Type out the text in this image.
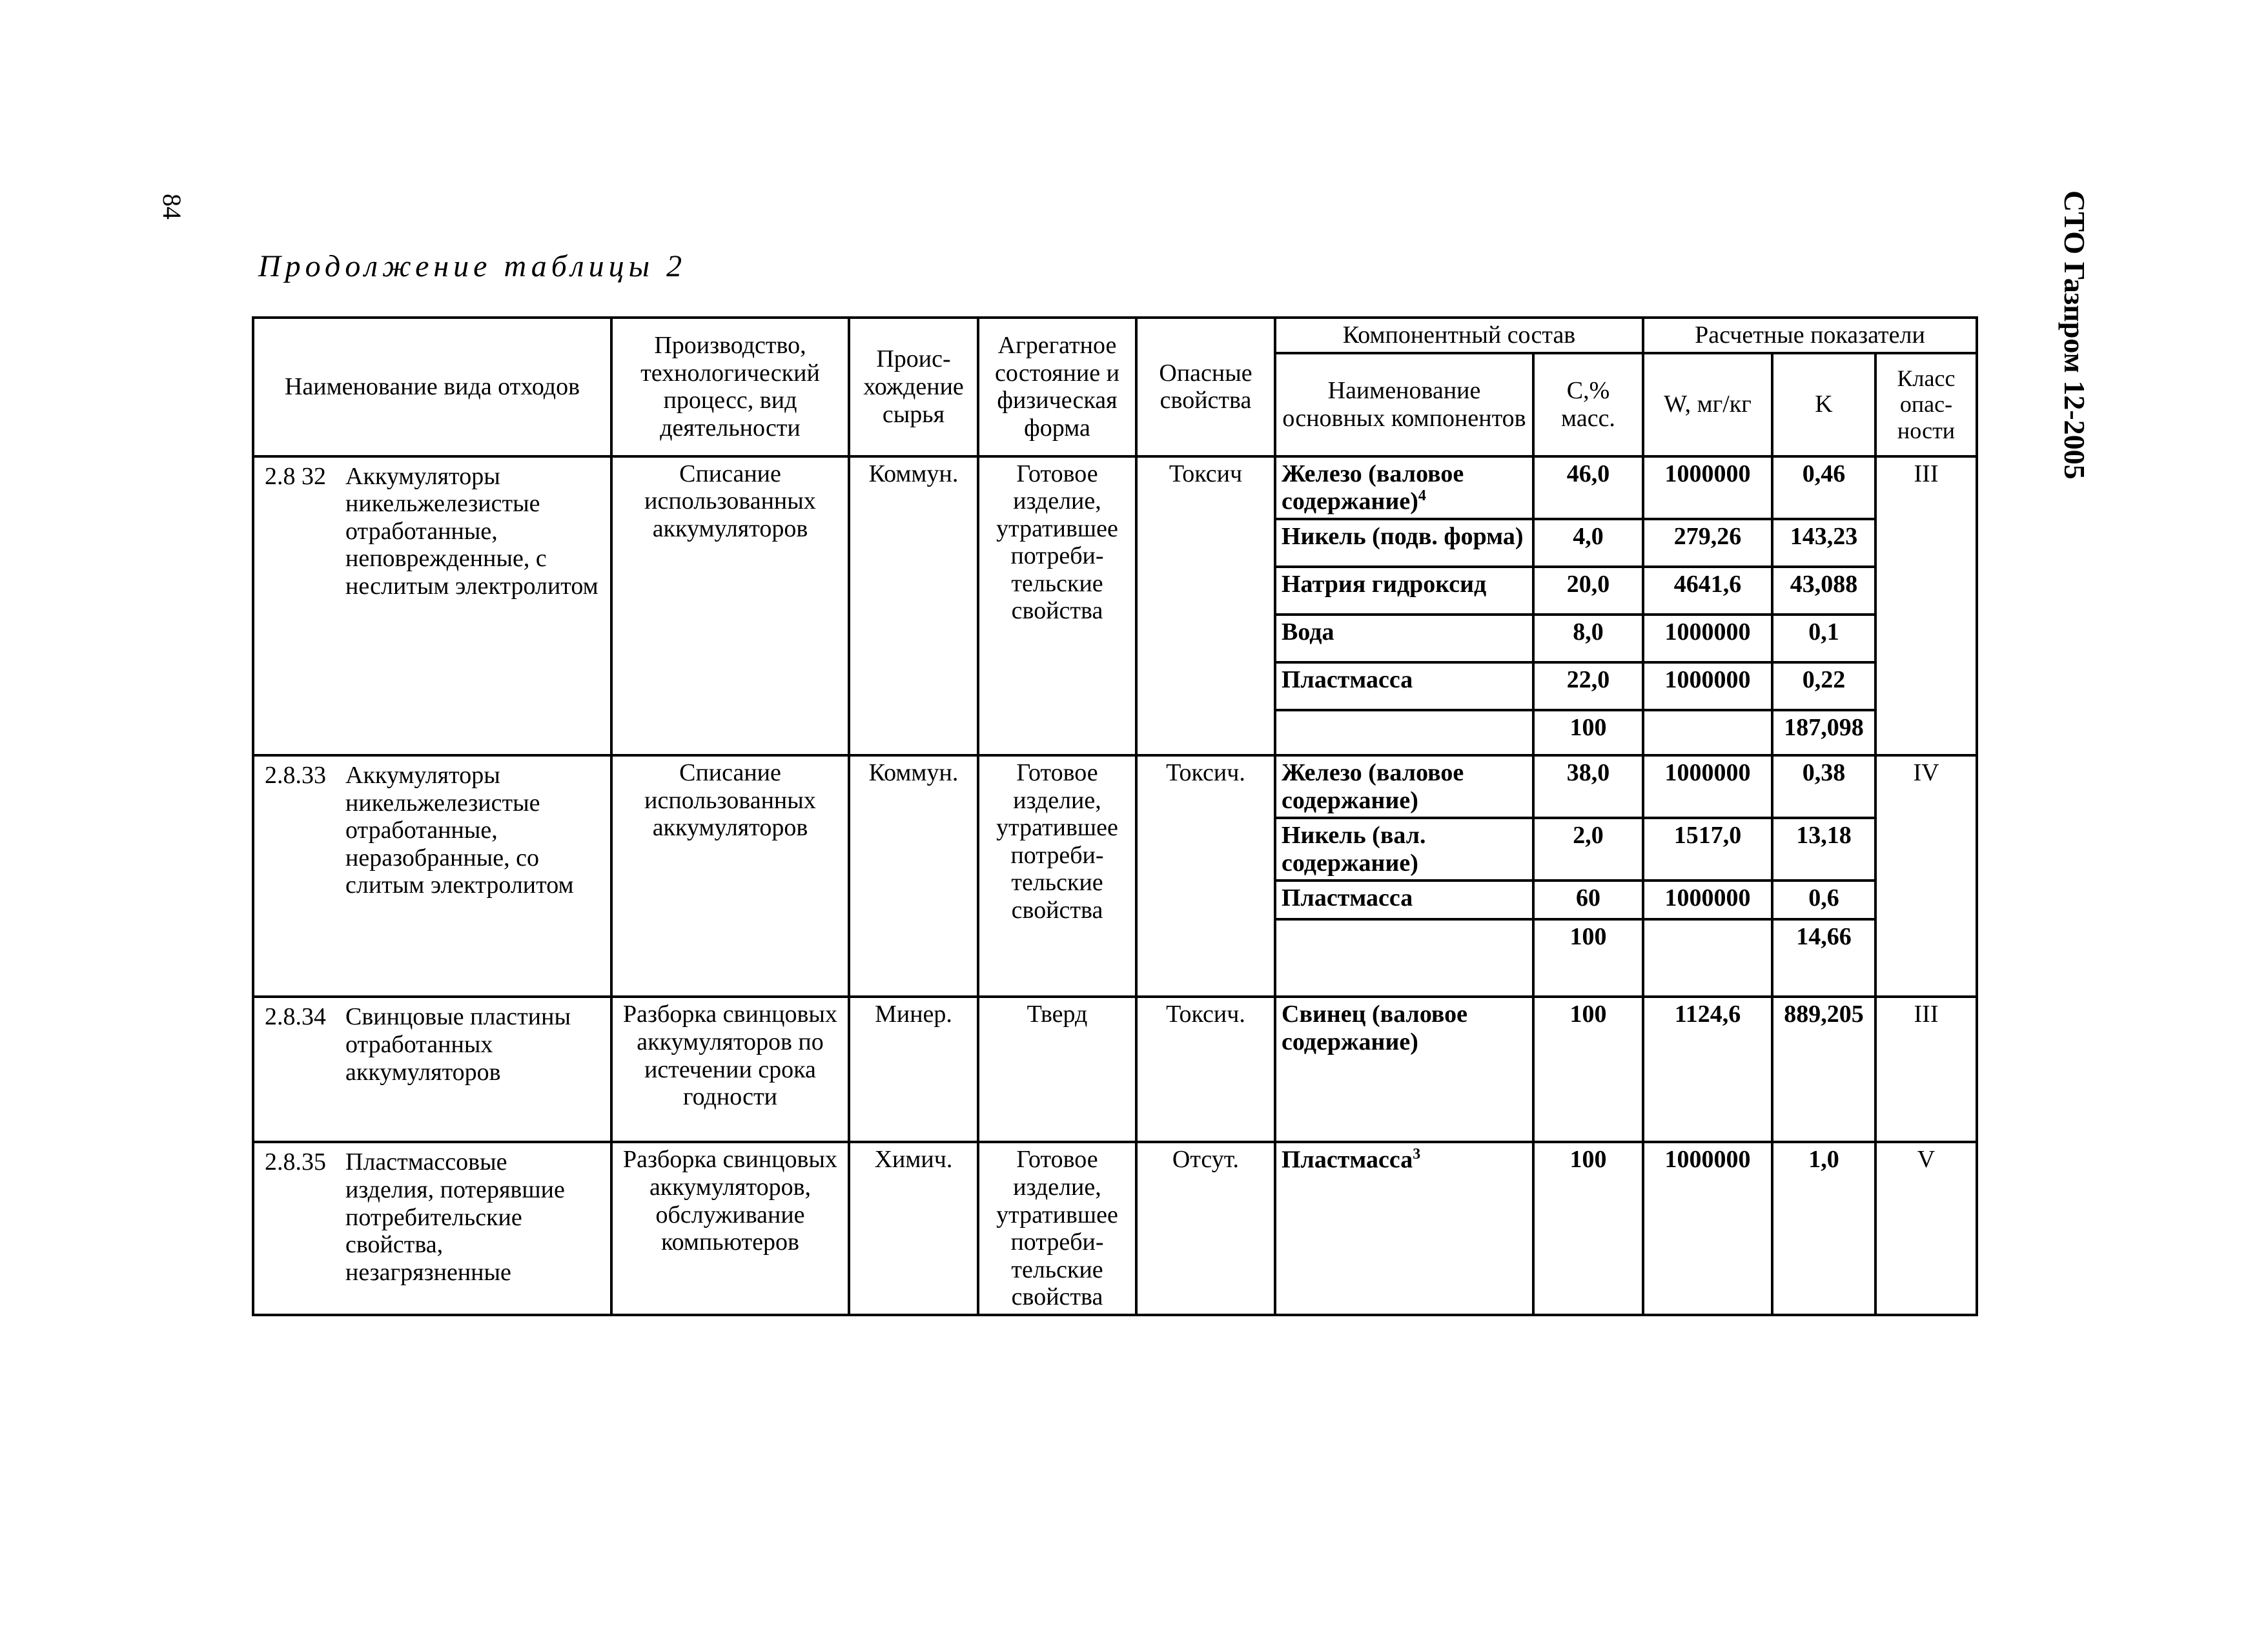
84	СТО Газпром 12-2005
Продолжение таблицы 2
Наименование вида отходов	Производство, технологический процесс, вид деятельности	Проис-хождение сырья	Агрегатное состояние и физическая форма	Опасные свойства	Компонентный состав		Расчетные показатели		
					Наименование основных компонентов	С,% масс.	W, мг/кг	K	Класс опас-ности

2.8 32 Аккумуляторы никельжелезистые отработанные, неповрежденные, с неслитым электролитом	Списание использованных аккумуляторов	Коммун.	Готовое изделие, утратившее потреби-тельские свойства	Токсич	Железо (валовое содержание)$^4$	46,0	1000000	0,46	III
					Никель (подв. форма)	4,0	279,26	143,23	
					Натрия гидроксид	20,0	4641,6	43,088	
					Вода	8,0	1000000	0,1	
					Пластмасса	22,0	1000000	0,22	
						100		187,098	

2.8.33 Аккумуляторы никельжелезистые отработанные, неразобранные, со слитым электролитом	Списание использованных аккумуляторов	Коммун.	Готовое изделие, утратившее потреби-тельские свойства	Токсич.	Железо (валовое содержание)	38,0	1000000	0,38	IV
					Никель (вал. содержание)	2,0	1517,0	13,18	
					Пластмасса	60	1000000	0,6	
						100		14,66	

2.8.34 Свинцовые пластины отработанных аккумуляторов	Разборка свинцовых аккумуляторов по истечении срока годности	Минер.	Тверд	Токсич.	Свинец (валовое содержание)	100	1124,6	889,205	III

2.8.35 Пластмассовые изделия, потерявшие потребительские свойства, незагрязненные	Разборка свинцовых аккумуляторов, обслуживание компьютеров	Химич.	Готовое изделие, утратившее потреби-тельские свойства	Отсут.	Пластмасса$^3$	100	1000000	1,0	V
